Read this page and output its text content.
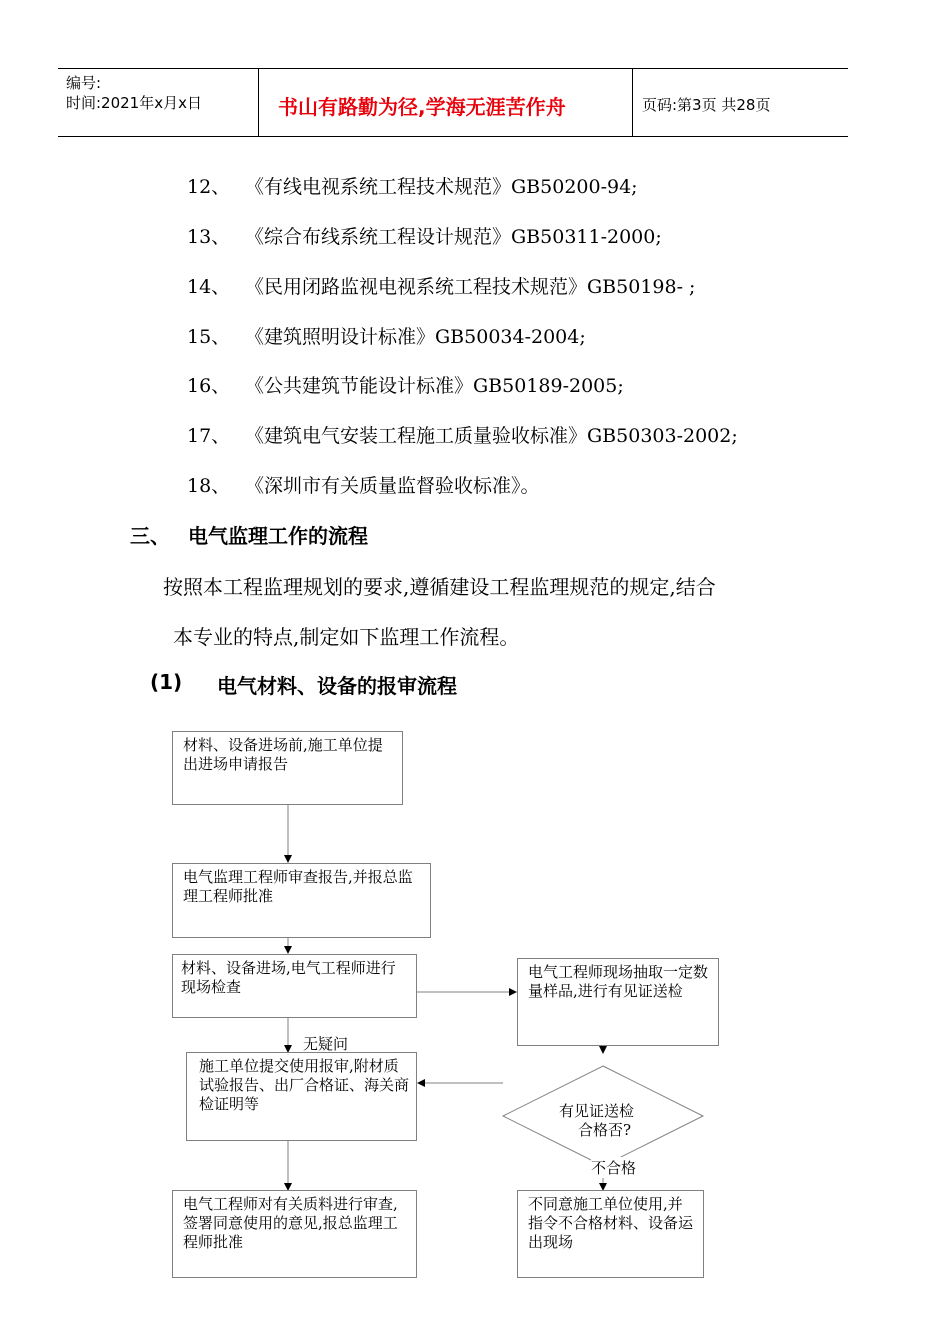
编号:
时间:2021年x月x日	书山有路勤为径,学海无涯苦作舟	页码:第3页 共28页
12、 《有线电视系统工程技术规范》GB50200-94;
13、 《综合布线系统工程设计规范》GB50311-2000;
14、 《民用闭路监视电视系统工程技术规范》GB50198- ;
15、 《建筑照明设计标准》GB50034-2004;
16、 《公共建筑节能设计标准》GB50189-2005;
17、 《建筑电气安装工程施工质量验收标准》GB50303-2002;
18、 《深圳市有关质量监督验收标准》。
三、 电气监理工作的流程
按照本工程监理规划的要求,遵循建设工程监理规范的规定,结合
本专业的特点,制定如下监理工作流程。
(1) 电气材料、设备的报审流程
材料、设备进场前,施工单位提出进场申请报告
电气监理工程师审查报告,并报总监理工程师批准
材料、设备进场,电气工程师进行现场检查
电气工程师现场抽取一定数量样品,进行有见证送检
施工单位提交使用报审,附材质试验报告、出厂合格证、海关商检证明等
电气工程师对有关质料进行审查,签署同意使用的意见,报总监理工程师批准
不同意施工单位使用,并指令不合格材料、设备运出现场
有见证送检
合格否?
无疑问
不合格
